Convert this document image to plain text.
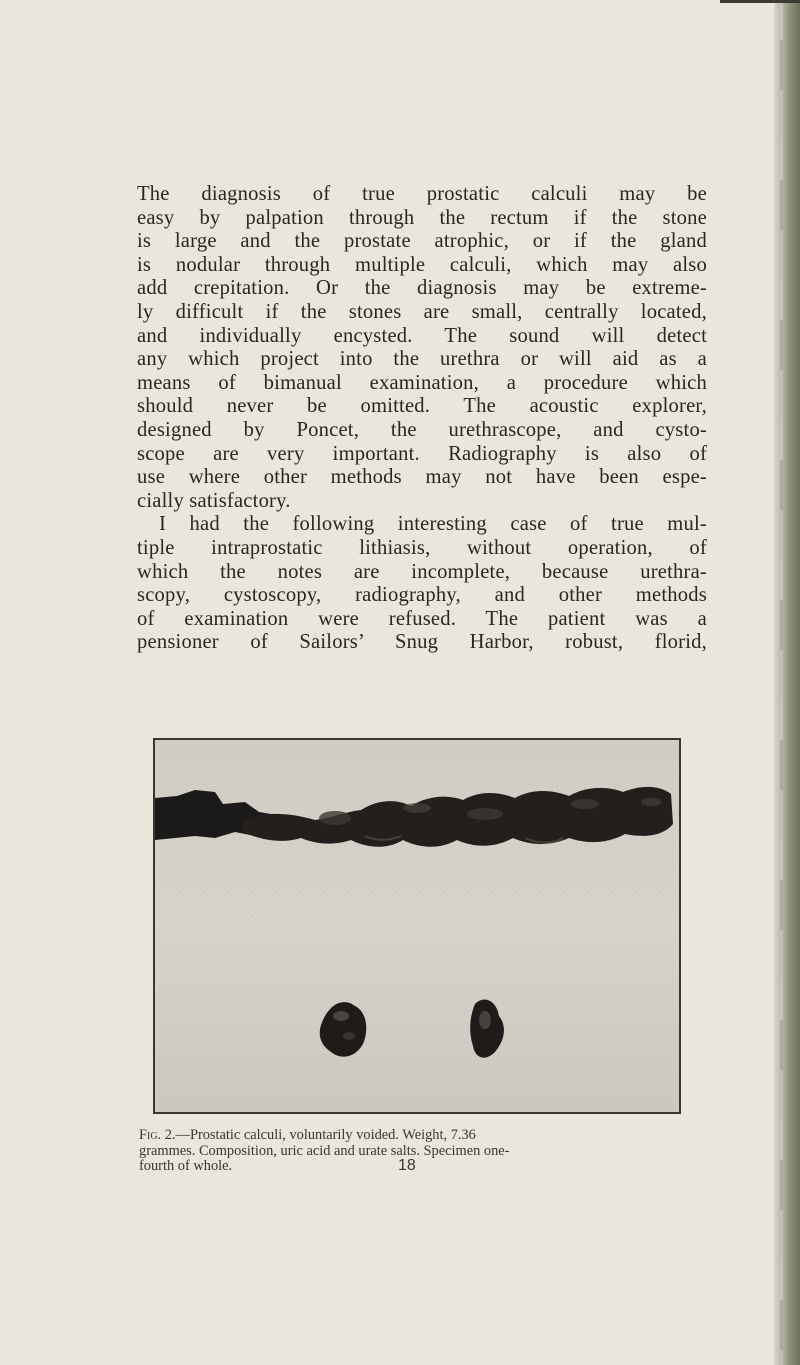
The diagnosis of true prostatic calculi may be
easy by palpation through the rectum if the stone
is large and the prostate atrophic, or if the gland
is nodular through multiple calculi, which may also
add crepitation. Or the diagnosis may be extreme-
ly difficult if the stones are small, centrally located,
and individually encysted. The sound will detect
any which project into the urethra or will aid as a
means of bimanual examination, a procedure which
should never be omitted. The acoustic explorer,
designed by Poncet, the urethrascope, and cysto-
scope are very important. Radiography is also of
use where other methods may not have been espe-
cially satisfactory.
I had the following interesting case of true mul-
tiple intraprostatic lithiasis, without operation, of
which the notes are incomplete, because urethra-
scopy, cystoscopy, radiography, and other methods
of examination were refused. The patient was a
pensioner of Sailors’ Snug Harbor, robust, florid,
Fig. 2.—Prostatic calculi, voluntarily voided. Weight, 7.36
grammes. Composition, uric acid and urate salts. Specimen one-
fourth of whole.	18
